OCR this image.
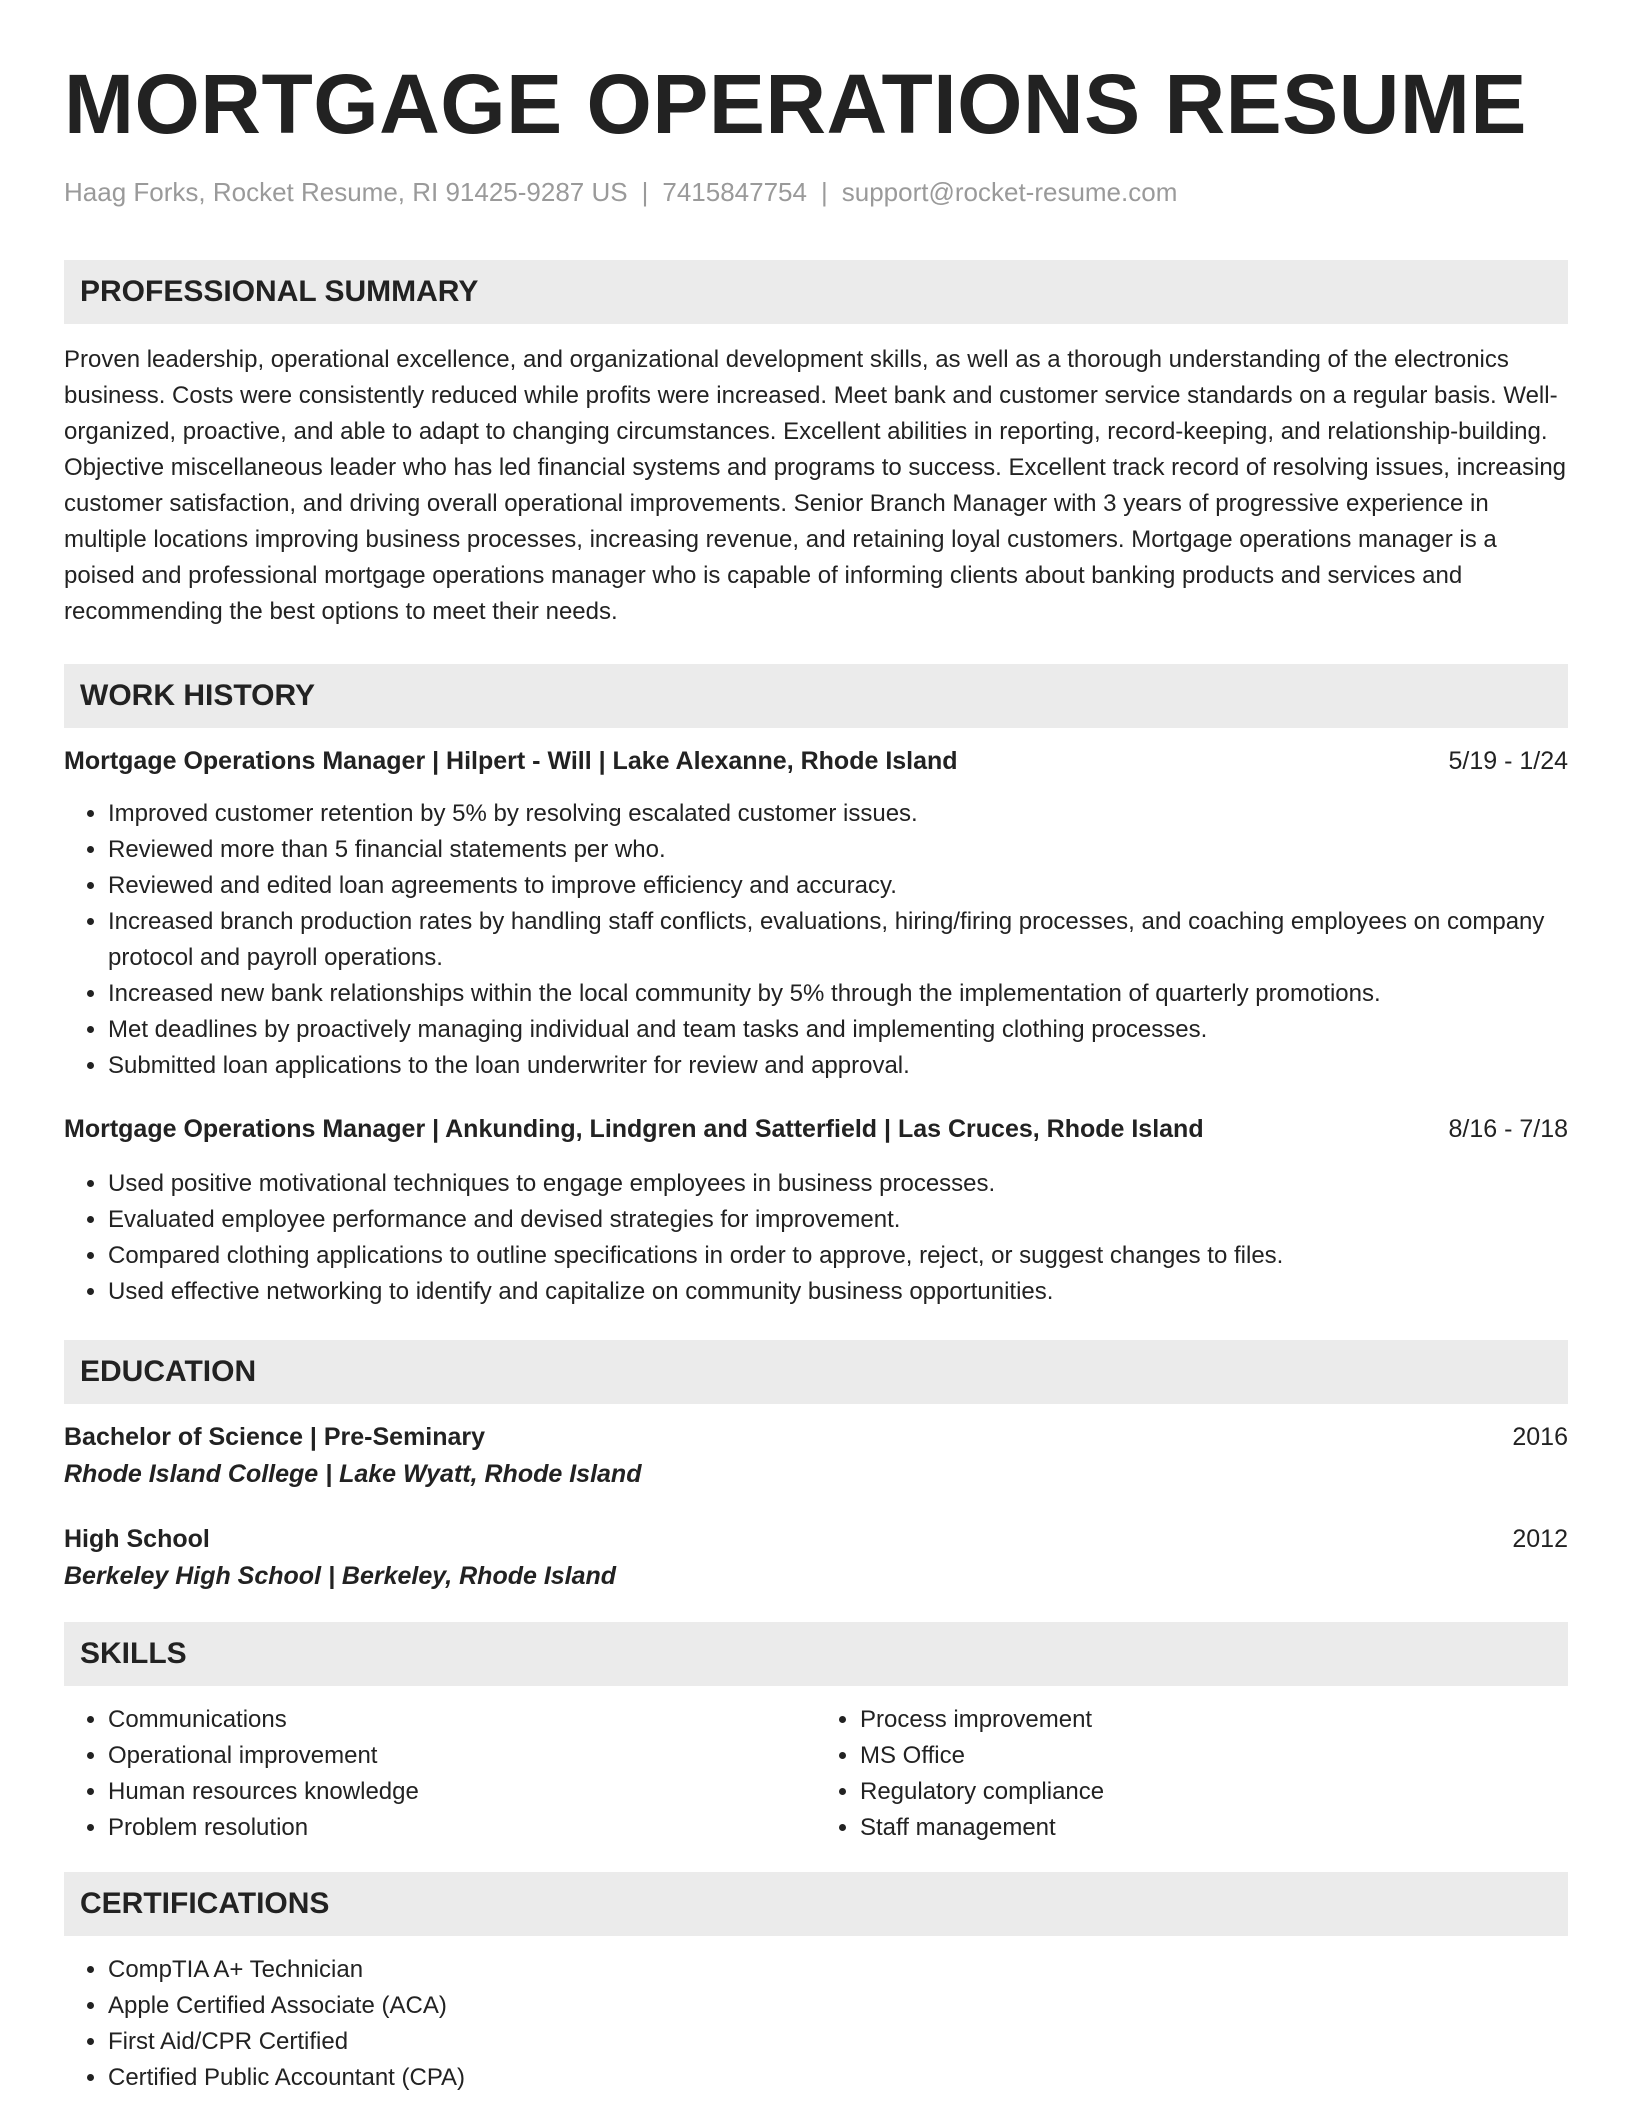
MORTGAGE OPERATIONS RESUME
Haag Forks, Rocket Resume, RI 91425-9287 US | 7415847754 | support@rocket-resume.com
PROFESSIONAL SUMMARY

Proven leadership, operational excellence, and organizational development skills, as well as a thorough understanding of the electronics business. Costs were consistently reduced while profits were increased. Meet bank and customer service standards on a regular basis. Well-organized, proactive, and able to adapt to changing circumstances. Excellent abilities in reporting, record-keeping, and relationship-building. Objective miscellaneous leader who has led financial systems and programs to success. Excellent track record of resolving issues, increasing customer satisfaction, and driving overall operational improvements. Senior Branch Manager with 3 years of progressive experience in multiple locations improving business processes, increasing revenue, and retaining loyal customers. Mortgage operations manager is a poised and professional mortgage operations manager who is capable of informing clients about banking products and services and recommending the best options to meet their needs.

WORK HISTORY
Mortgage Operations Manager | Hilpert - Will | Lake Alexanne, Rhode Island	5/19 - 1/24
• Improved customer retention by 5% by resolving escalated customer issues.
• Reviewed more than 5 financial statements per who.
• Reviewed and edited loan agreements to improve efficiency and accuracy.
• Increased branch production rates by handling staff conflicts, evaluations, hiring/firing processes, and coaching employees on company protocol and payroll operations.
• Increased new bank relationships within the local community by 5% through the implementation of quarterly promotions.
• Met deadlines by proactively managing individual and team tasks and implementing clothing processes.
• Submitted loan applications to the loan underwriter for review and approval.
Mortgage Operations Manager | Ankunding, Lindgren and Satterfield | Las Cruces, Rhode Island	8/16 - 7/18
• Used positive motivational techniques to engage employees in business processes.
• Evaluated employee performance and devised strategies for improvement.
• Compared clothing applications to outline specifications in order to approve, reject, or suggest changes to files.
• Used effective networking to identify and capitalize on community business opportunities.
EDUCATION
Bachelor of Science | Pre-Seminary	2016
Rhode Island College | Lake Wyatt, Rhode Island
High School	2012
Berkeley High School | Berkeley, Rhode Island
SKILLS
• Communications
• Operational improvement
• Human resources knowledge
• Problem resolution
• Process improvement
• MS Office
• Regulatory compliance
• Staff management
CERTIFICATIONS
• CompTIA A+ Technician
• Apple Certified Associate (ACA)
• First Aid/CPR Certified
• Certified Public Accountant (CPA)
